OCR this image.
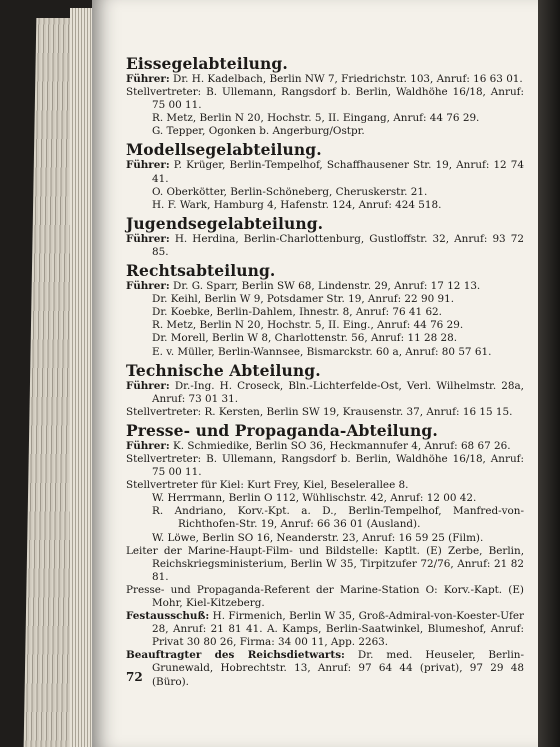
Eissegelabteilung.

Führer: Dr. H. Kadelbach, Berlin NW 7, Friedrichstr. 103, Anruf: 16 63 01.

Stellvertreter: B. Ullemann, Rangsdorf b. Berlin, Waldhöhe 16/18, Anruf: 75 00 11.

R. Metz, Berlin N 20, Hochstr. 5, II. Eingang, Anruf: 44 76 29.

G. Tepper, Ogonken b. Angerburg/Ostpr.

Modellsegelabteilung.

Führer: P. Krüger, Berlin-Tempelhof, Schaffhausener Str. 19, Anruf: 12 74 41.

O. Oberkötter, Berlin-Schöneberg, Cheruskerstr. 21.

H. F. Wark, Hamburg 4, Hafenstr. 124, Anruf: 424 518.

Jugendsegelabteilung.

Führer: H. Herdina, Berlin-Charlottenburg, Gustloffstr. 32, Anruf: 93 72 85.

Rechtsabteilung.

Führer: Dr. G. Sparr, Berlin SW 68, Lindenstr. 29, Anruf: 17 12 13.

Dr. Keihl, Berlin W 9, Potsdamer Str. 19, Anruf: 22 90 91.

Dr. Koebke, Berlin-Dahlem, Ihnestr. 8, Anruf: 76 41 62.

R. Metz, Berlin N 20, Hochstr. 5, II. Eing., Anruf: 44 76 29.

Dr. Morell, Berlin W 8, Charlottenstr. 56, Anruf: 11 28 28.

E. v. Müller, Berlin-Wannsee, Bismarckstr. 60 a, Anruf: 80 57 61.

Technische Abteilung.

Führer: Dr.-Ing. H. Croseck, Bln.-Lichterfelde-Ost, Verl. Wilhelmstr. 28a, Anruf: 73 01 31.

Stellvertreter: R. Kersten, Berlin SW 19, Krausenstr. 37, Anruf: 16 15 15.

Presse- und Propaganda-Abteilung.

Führer: K. Schmiedike, Berlin SO 36, Heckmannufer 4, Anruf: 68 67 26.

Stellvertreter: B. Ullemann, Rangsdorf b. Berlin, Waldhöhe 16/18, Anruf: 75 00 11.

Stellvertreter für Kiel: Kurt Frey, Kiel, Beselerallee 8.

W. Herrmann, Berlin O 112, Wühlischstr. 42, Anruf: 12 00 42.

R. Andriano, Korv.-Kpt. a. D., Berlin-Tempelhof, Manfred-von-Richthofen-Str. 19, Anruf: 66 36 01 (Ausland).

W. Löwe, Berlin SO 16, Neanderstr. 23, Anruf: 16 59 25 (Film).

Leiter der Marine-Haupt-Film- und Bildstelle: Kaptlt. (E) Zerbe, Berlin, Reichskriegsministerium, Berlin W 35, Tirpitzufer 72/76, Anruf: 21 82 81.

Presse- und Propaganda-Referent der Marine-Station O: Korv.-Kapt. (E) Mohr, Kiel-Kitzeberg.

Festausschuß: H. Firmenich, Berlin W 35, Groß-Admiral-von-Koester-Ufer 28, Anruf: 21 81 41. A. Kamps, Berlin-Saatwinkel, Blumeshof, Anruf: Privat 30 80 26, Firma: 34 00 11, App. 2263.

Beauftragter des Reichsdietwarts: Dr. med. Heuseler, Berlin-Grunewald, Hobrechtstr. 13, Anruf: 97 64 44 (privat), 97 29 48 (Büro).

72
